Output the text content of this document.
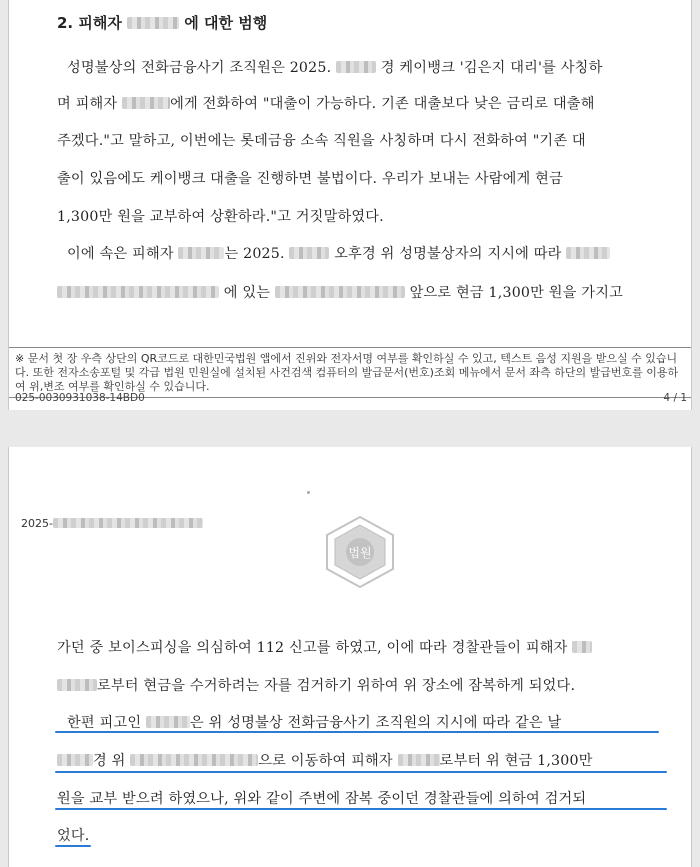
2. 피해자	에 대한 범행
성명불상의 전화금융사기 조직원은 2025.	경 케이뱅크 '김은지 대리'를 사칭하
며 피해자	에게 전화하여 "대출이 가능하다. 기존 대출보다 낮은 금리로 대출해
주겠다."고 말하고, 이번에는 롯데금융 소속 직원을 사칭하며 다시 전화하여 "기존 대
출이 있음에도 케이뱅크 대출을 진행하면 불법이다. 우리가 보내는 사람에게 현금
1,300만 원을 교부하여 상환하라."고 거짓말하였다.
이에 속은 피해자	는 2025.	오후경 위 성명불상자의 지시에 따라
에 있는	앞으로 현금 1,300만 원을 가지고
※ 문서 첫 장 우측 상단의 QR코드로 대한민국법원 앱에서 진위와 전자서명 여부를 확인하실 수 있고, 텍스트 음성 지원을 받으실 수 있습니다. 또한 전자소송포털 및 각급 법원 민원실에 설치된 사건검색 컴퓨터의 발급문서(번호)조회 메뉴에서 문서 좌측 하단의 발급번호를 이용하여 위,변조 여부를 확인하실 수 있습니다.
025-0030931038-14BD0	4 / 1
2025-
법원
가던 중 보이스피싱을 의심하여 112 신고를 하였고, 이에 따라 경찰관들이 피해자
로부터 현금을 수거하려는 자를 검거하기 위하여 위 장소에 잠복하게 되었다.
한편 피고인	은 위 성명불상 전화금융사기 조직원의 지시에 따라 같은 날
경 위	으로 이동하여 피해자	로부터 위 현금 1,300만
원을 교부 받으려 하였으나, 위와 같이 주변에 잠복 중이던 경찰관들에 의하여 검거되
었다.
